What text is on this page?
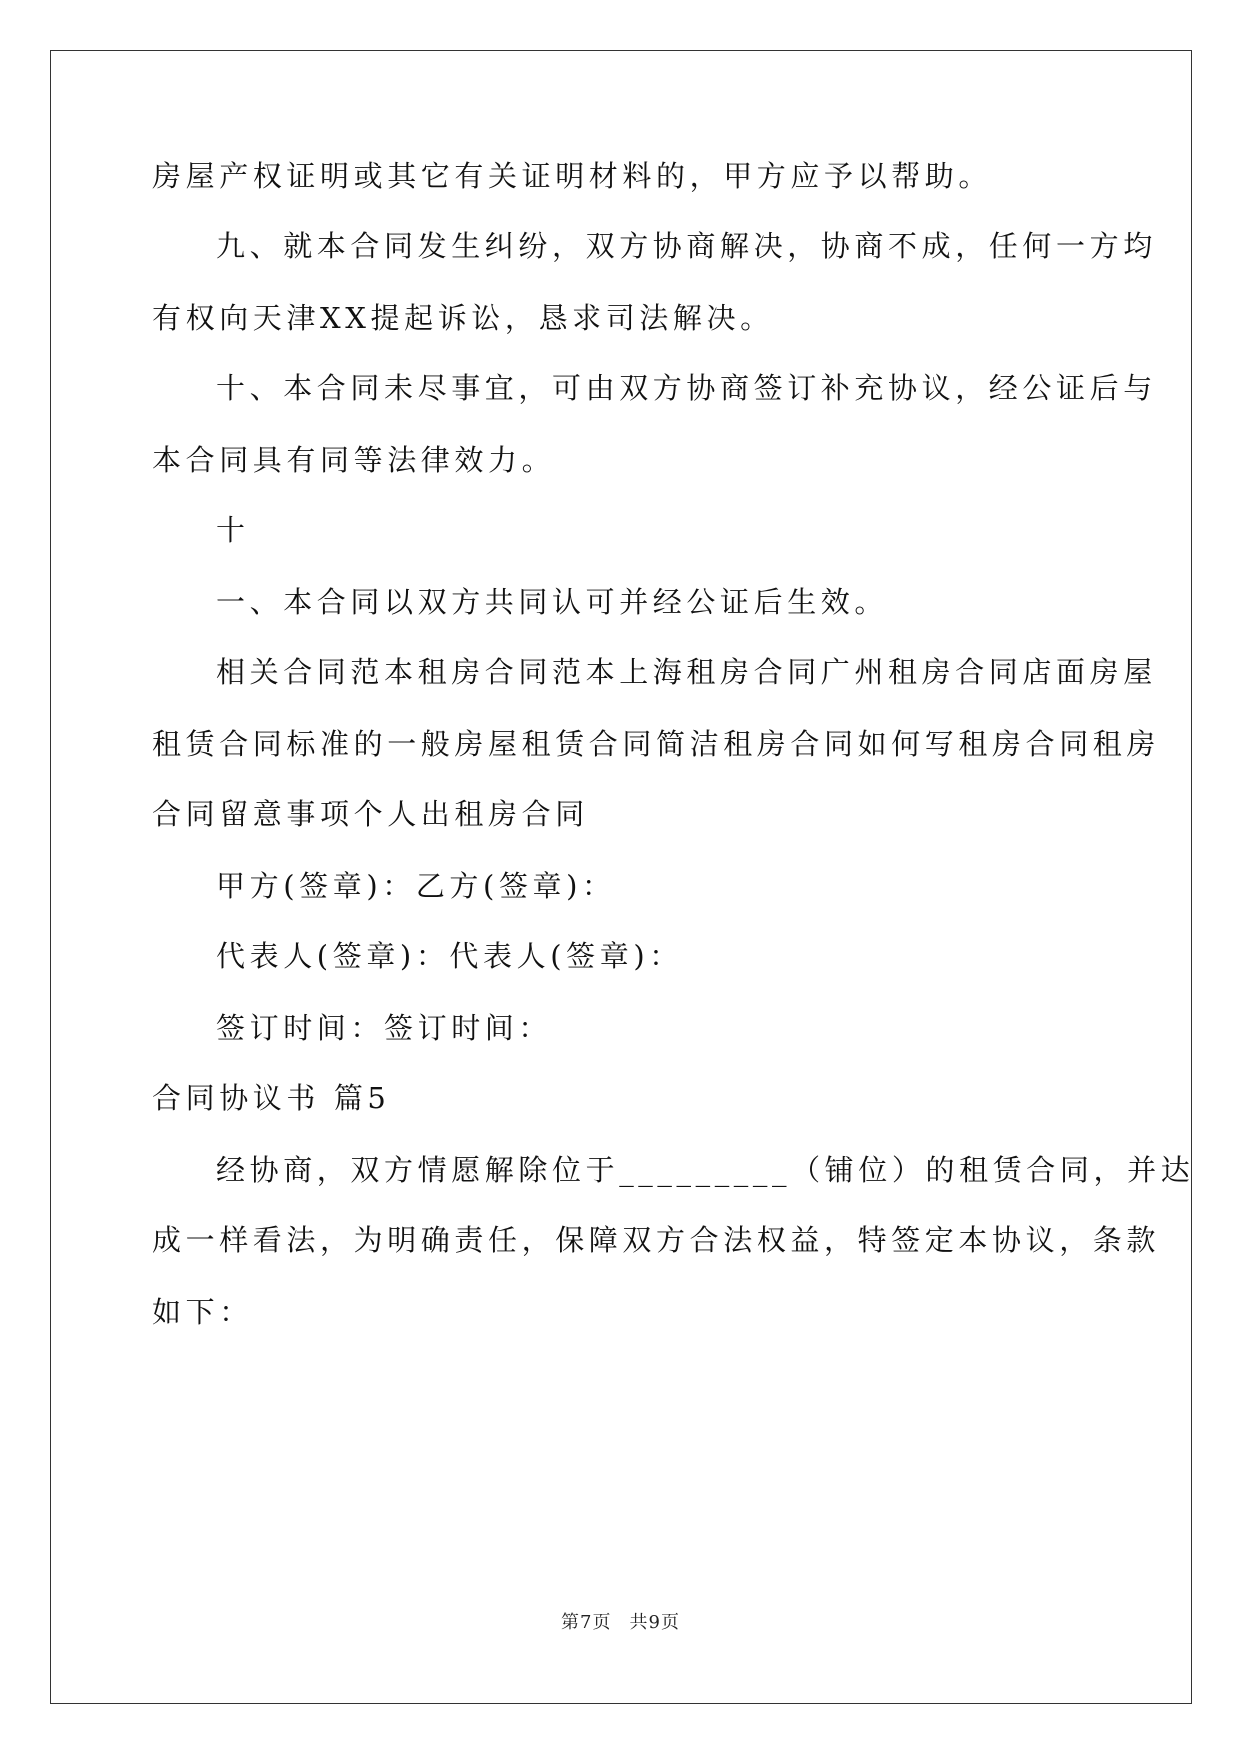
房屋产权证明或其它有关证明材料的，甲方应予以帮助。
九、就本合同发生纠纷，双方协商解决，协商不成，任何一方均
有权向天津XX提起诉讼，恳求司法解决。
十、本合同未尽事宜，可由双方协商签订补充协议，经公证后与
本合同具有同等法律效力。
十
一、本合同以双方共同认可并经公证后生效。
相关合同范本租房合同范本上海租房合同广州租房合同店面房屋
租赁合同标准的一般房屋租赁合同简洁租房合同如何写租房合同租房
合同留意事项个人出租房合同
甲方(签章)：乙方(签章)：
代表人(签章)：代表人(签章)：
签订时间：签订时间：
合同协议书 篇5
经协商，双方情愿解除位于_________（铺位）的租赁合同，并达
成一样看法，为明确责任，保障双方合法权益，特签定本协议，条款
如下：
第7页 共9页
